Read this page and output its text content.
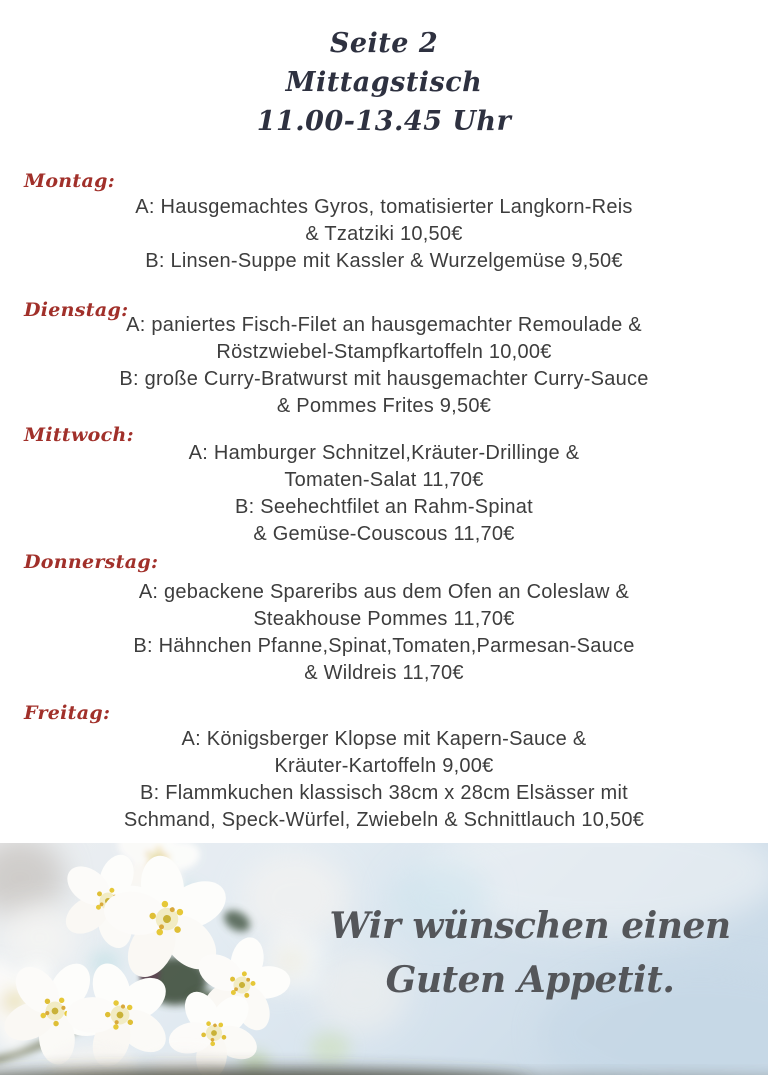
Seite 2
Mittagstisch
11.00-13.45 Uhr
Montag:
A: Hausgemachtes Gyros, tomatisierter Langkorn-Reis
& Tzatziki 10,50€
B: Linsen-Suppe mit Kassler & Wurzelgemüse 9,50€
Dienstag:
A: paniertes Fisch-Filet an hausgemachter Remoulade &
Röstzwiebel-Stampfkartoffeln 10,00€
B: große Curry-Bratwurst mit hausgemachter Curry-Sauce
& Pommes Frites 9,50€
Mittwoch:
A: Hamburger Schnitzel,Kräuter-Drillinge &
Tomaten-Salat 11,70€
B: Seehechtfilet an Rahm-Spinat
& Gemüse-Couscous 11,70€
Donnerstag:
A: gebackene Spareribs aus dem Ofen an Coleslaw &
Steakhouse Pommes 11,70€
B: Hähnchen Pfanne,Spinat,Tomaten,Parmesan-Sauce
& Wildreis 11,70€
Freitag:
A: Königsberger Klopse mit Kapern-Sauce &
Kräuter-Kartoffeln 9,00€
B: Flammkuchen klassisch 38cm x 28cm Elsässer mit
Schmand, Speck-Würfel, Zwiebeln & Schnittlauch 10,50€
Wir wünschen einen
Guten Appetit.
